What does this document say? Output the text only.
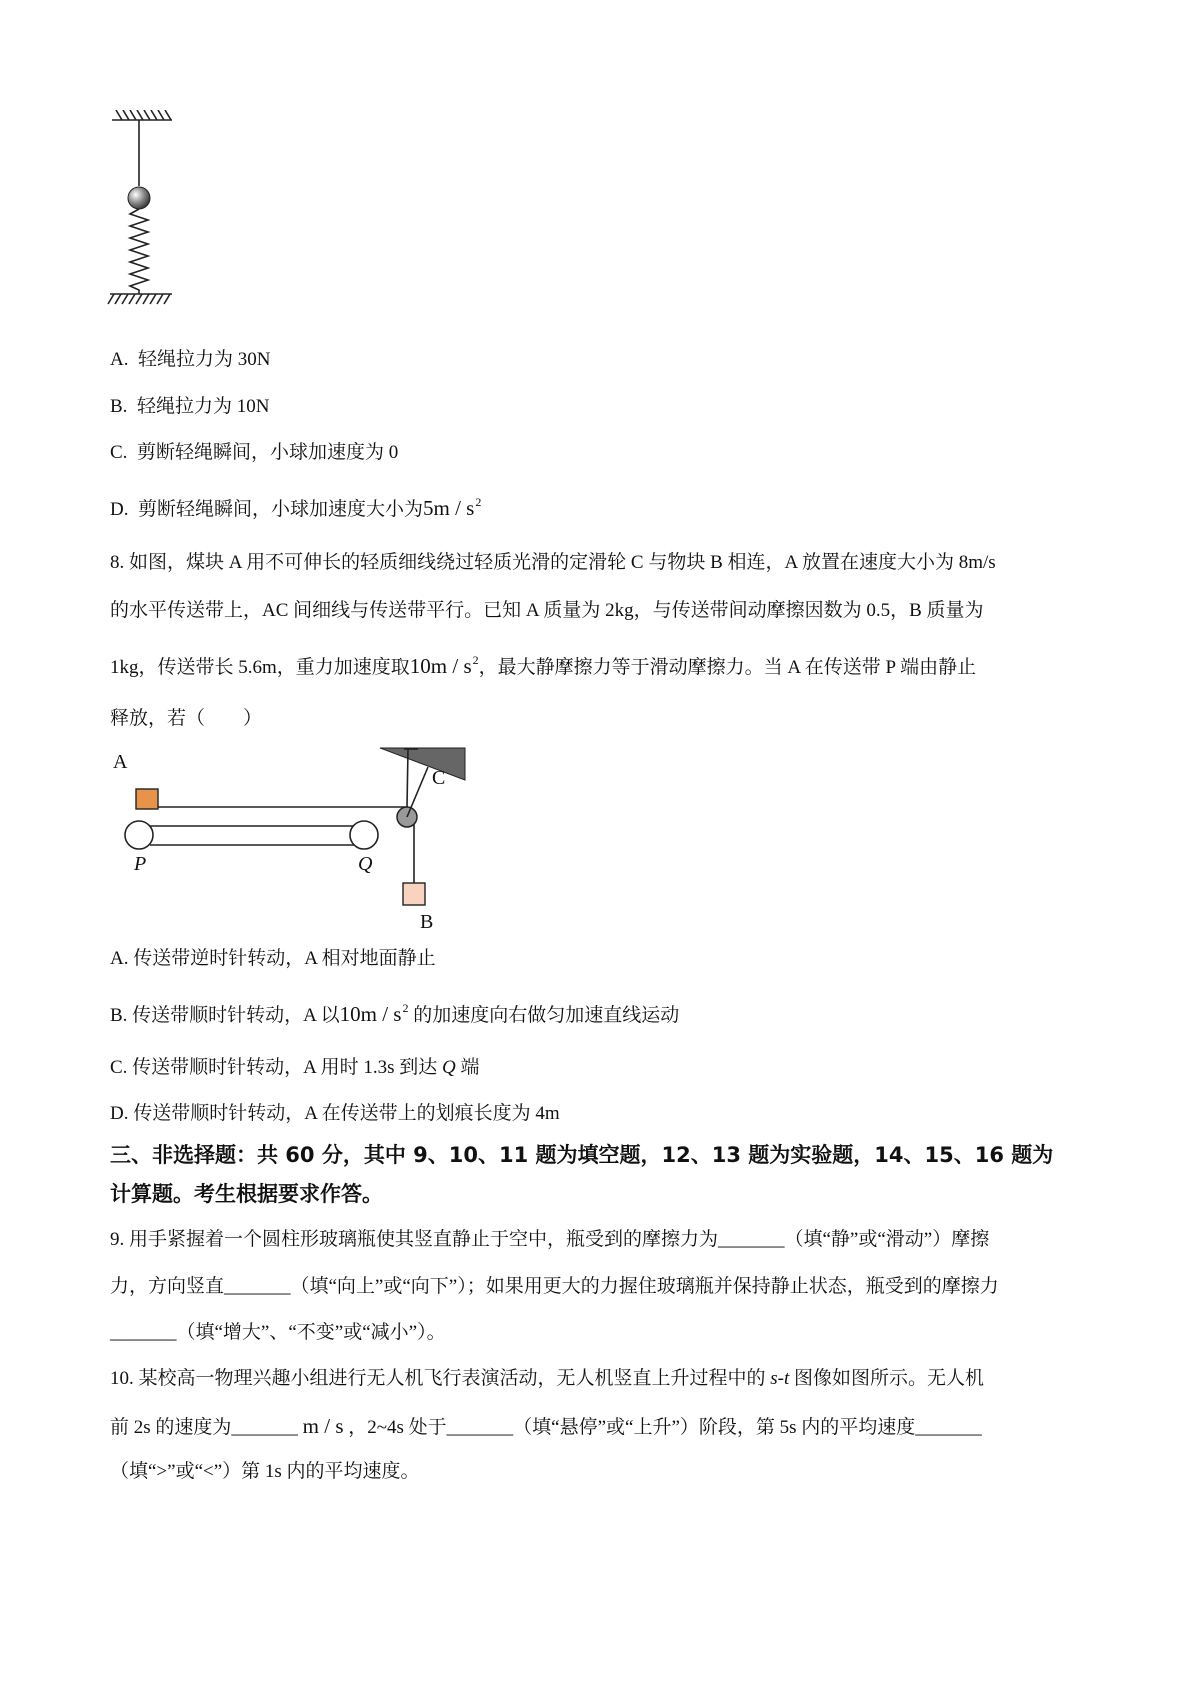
A. 轻绳拉力为 30N
B. 轻绳拉力为 10N
C. 剪断轻绳瞬间，小球加速度为 0
D. 剪断轻绳瞬间，小球加速度大小为$5m / s^2$
8. 如图，煤块 A 用不可伸长的轻质细线绕过轻质光滑的定滑轮 C 与物块 B 相连，A 放置在速度大小为 8m/s
的水平传送带上，AC 间细线与传送带平行。已知 A 质量为 2kg，与传送带间动摩擦因数为 0.5，B 质量为
1kg，传送带长 5.6m，重力加速度取$10m / s^2$，最大静摩擦力等于滑动摩擦力。当 A 在传送带 P 端由静止
释放，若（　　）
A
C
P	Q
B
A. 传送带逆时针转动，A 相对地面静止
B. 传送带顺时针转动，A 以$10m / s^2$ 的加速度向右做匀加速直线运动
C. 传送带顺时针转动，A 用时 1.3s 到达 Q 端
D. 传送带顺时针转动，A 在传送带上的划痕长度为 4m
三、非选择题：共 60 分，其中 9、10、11 题为填空题，12、13 题为实验题，14、15、16 题为
计算题。考生根据要求作答。
9. 用手紧握着一个圆柱形玻璃瓶使其竖直静止于空中，瓶受到的摩擦力为_______（填“静”或“滑动”）摩擦
力，方向竖直_______（填“向上”或“向下”）；如果用更大的力握住玻璃瓶并保持静止状态，瓶受到的摩擦力
_______（填“增大”、“不变”或“减小”）。
10. 某校高一物理兴趣小组进行无人机飞行表演活动，无人机竖直上升过程中的 s-t 图像如图所示。无人机
前 2s 的速度为_______ m / s ，2~4s 处于_______（填“悬停”或“上升”）阶段，第 5s 内的平均速度_______
（填“>”或“<”）第 1s 内的平均速度。
